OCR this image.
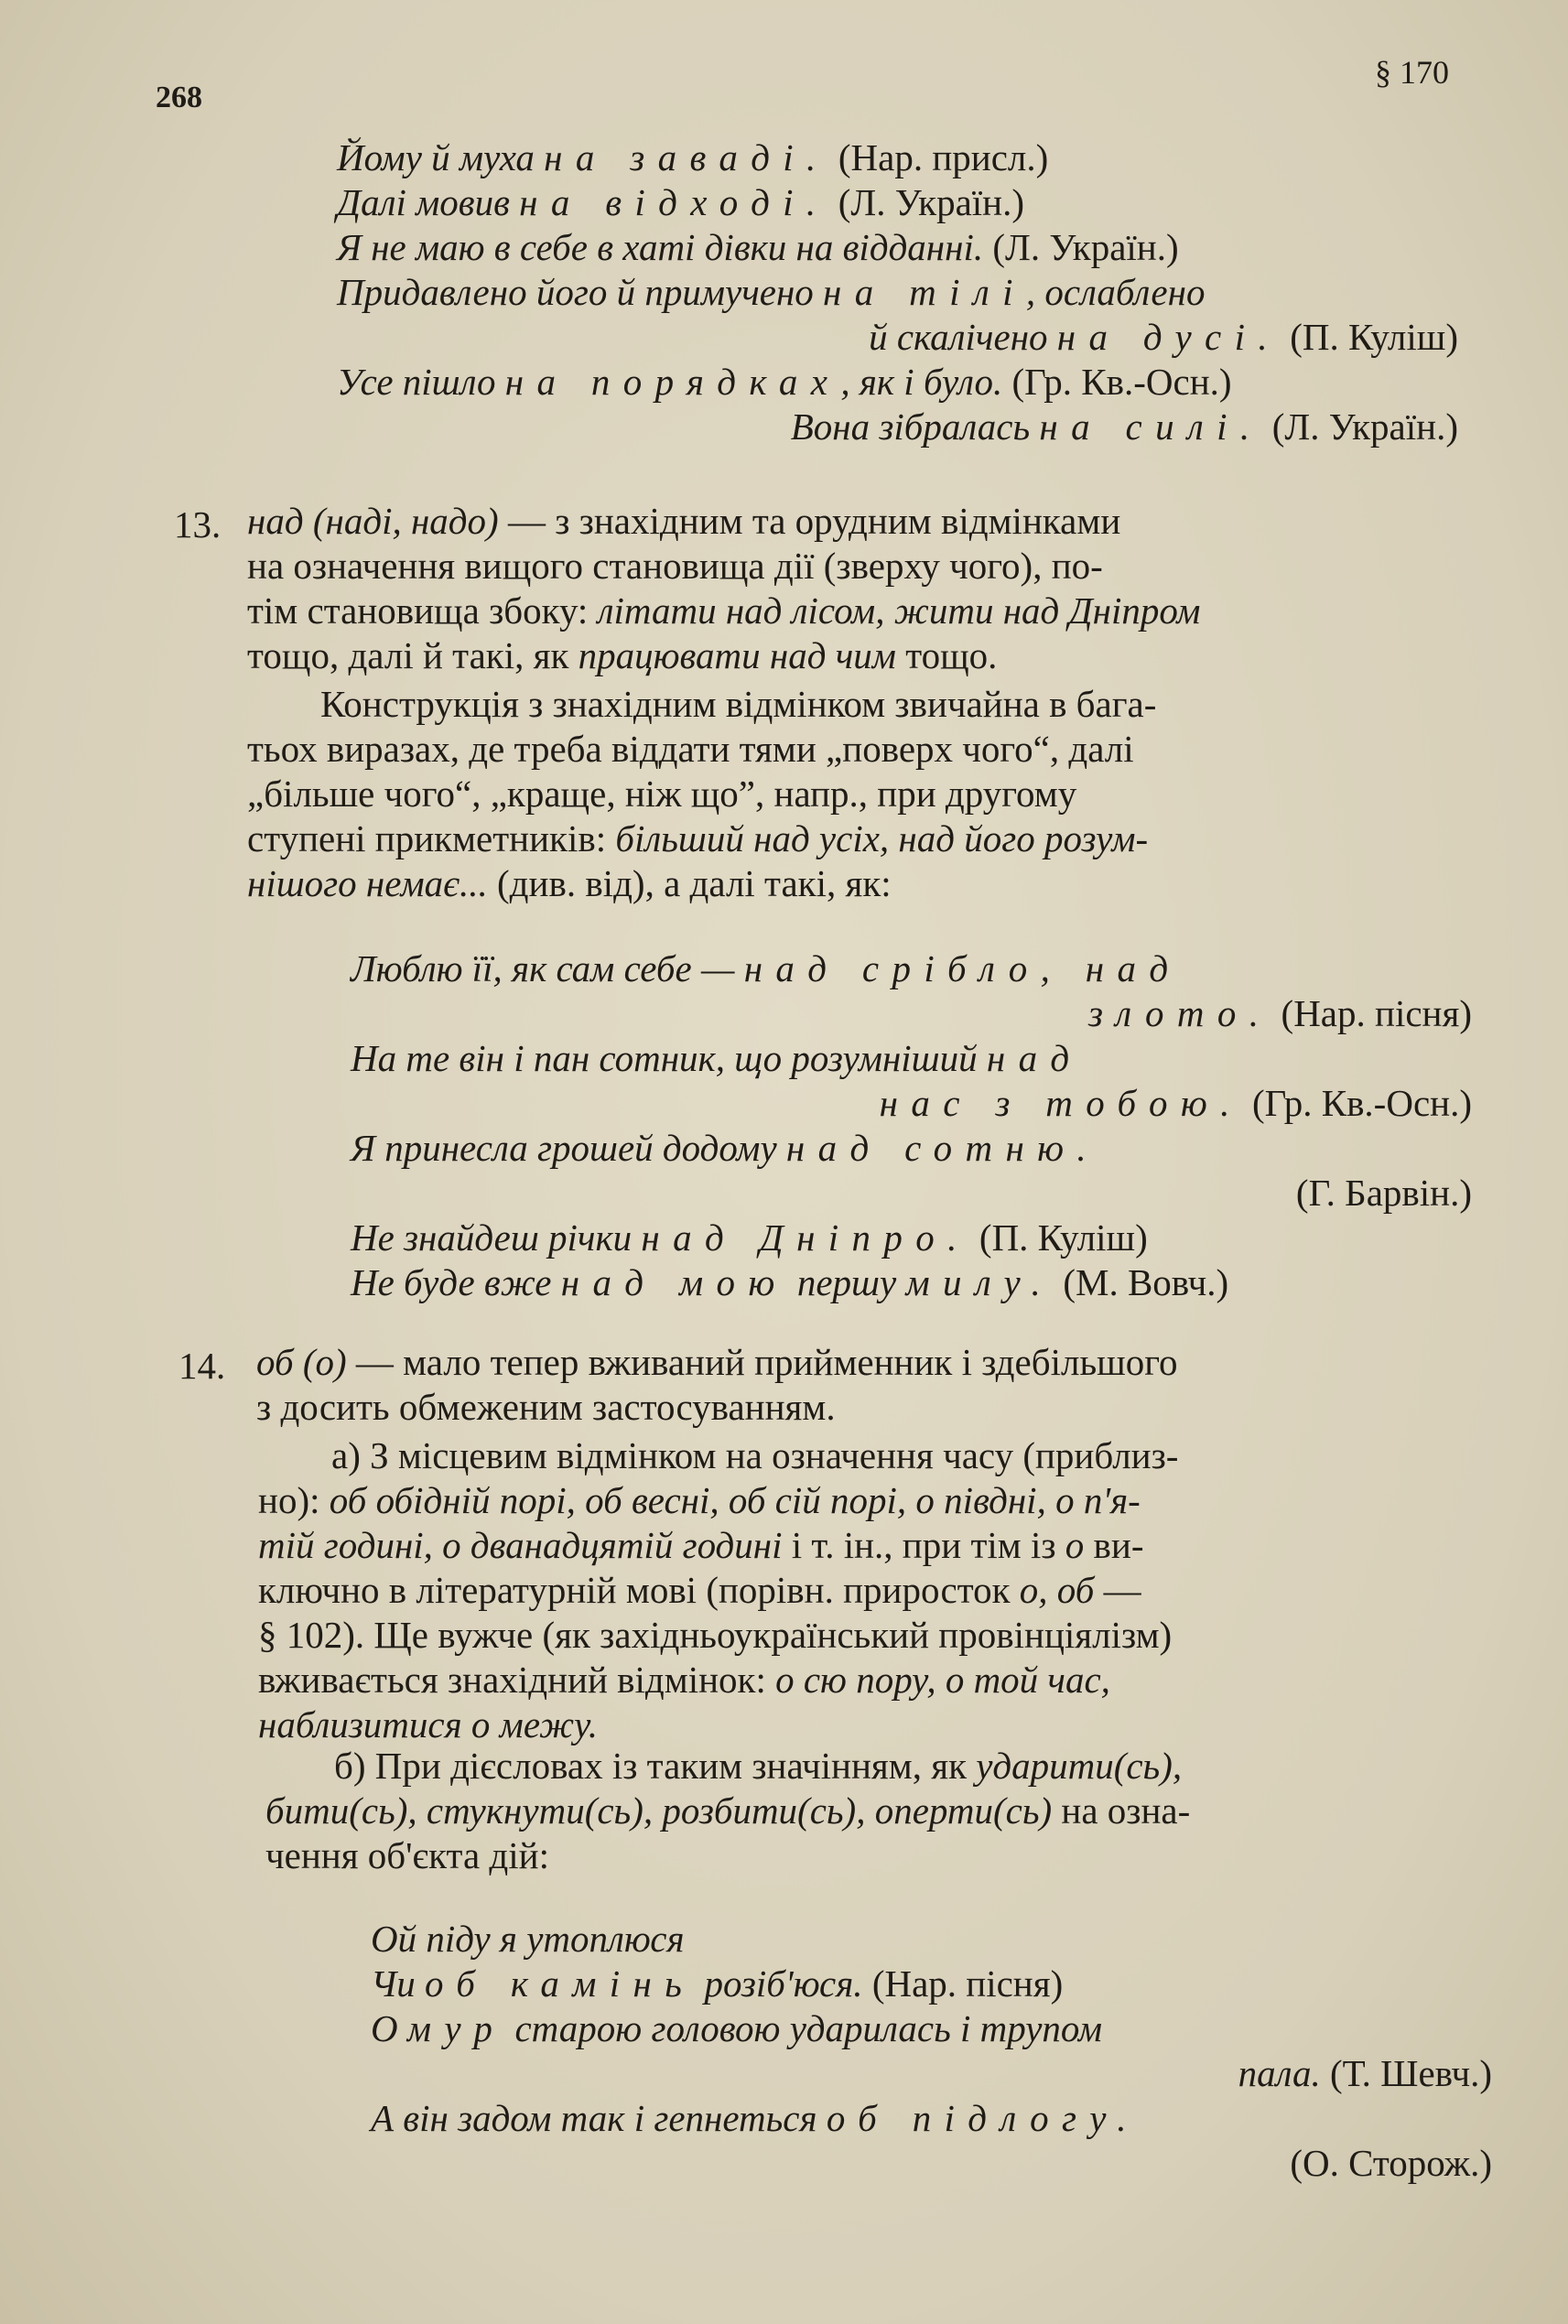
268
§ 170
Йому й муха на заваді. (Нар. присл.)
Далі мовив на відході. (Л. Україн.)
Я не маю в себе в хаті дівки на відданні. (Л. Україн.)
Придавлено його й примучено на тілі, ослаблено
й скалічено на дусі. (П. Куліш)
Усе пішло на порядках, як і було. (Гр. Кв.-Осн.)
Вона зібралась на силі. (Л. Україн.)
13. над (наді, надо) — з знахідним та орудним відмінками
на означення вищого становища дії (зверху чого), по-
тім становища збоку: літати над лісом, жити над Дніпром
тощо, далі й такі, як працювати над чим тощо.
Конструкція з знахідним відмінком звичайна в бага-
тьох виразах, де треба віддати тями „поверх чого“, далі
„більше чого“, „краще, ніж що”, напр., при другому
ступені прикметників: більший над усіх, над його розум-
нішого немає... (див. від), а далі такі, як:
Люблю її, як сам себе — над срібло, над
злото. (Нар. пісня)
На те він і пан сотник, що розумніший над
нас з тобою. (Гр. Кв.-Осн.)
Я принесла грошей додому над сотню.
(Г. Барвін.)
Не знайдеш річки над Дніпро. (П. Куліш)
Не буде вже над мою першу милу. (М. Вовч.)
14. об (о) — мало тепер вживаний прийменник і здебільшого
з досить обмеженим застосуванням.
а) З місцевим відмінком на означення часу (приблиз-
но): об обідній порі, об весні, об сій порі, о півдні, о п'я-
тій годині, о дванадцятій годині і т. ін., при тім із о ви-
ключно в літературній мові (порівн. приросток о, об —
§ 102). Ще вужче (як західньоукраїнський провінціялізм)
вживається знахідний відмінок: о сю пору, о той час,
наблизитися о межу.
б) При дієсловах із таким значінням, як ударити(сь),
бити(сь), стукнути(сь), розбити(сь), оперти(сь) на озна-
чення об'єкта дій:
Ой піду я утоплюся
Чи об камінь розіб'юся. (Нар. пісня)
О мур старою головою ударилась і трупом
пала. (Т. Шевч.)
А він задом так і гепнеться об підлогу.
(О. Сторож.)
